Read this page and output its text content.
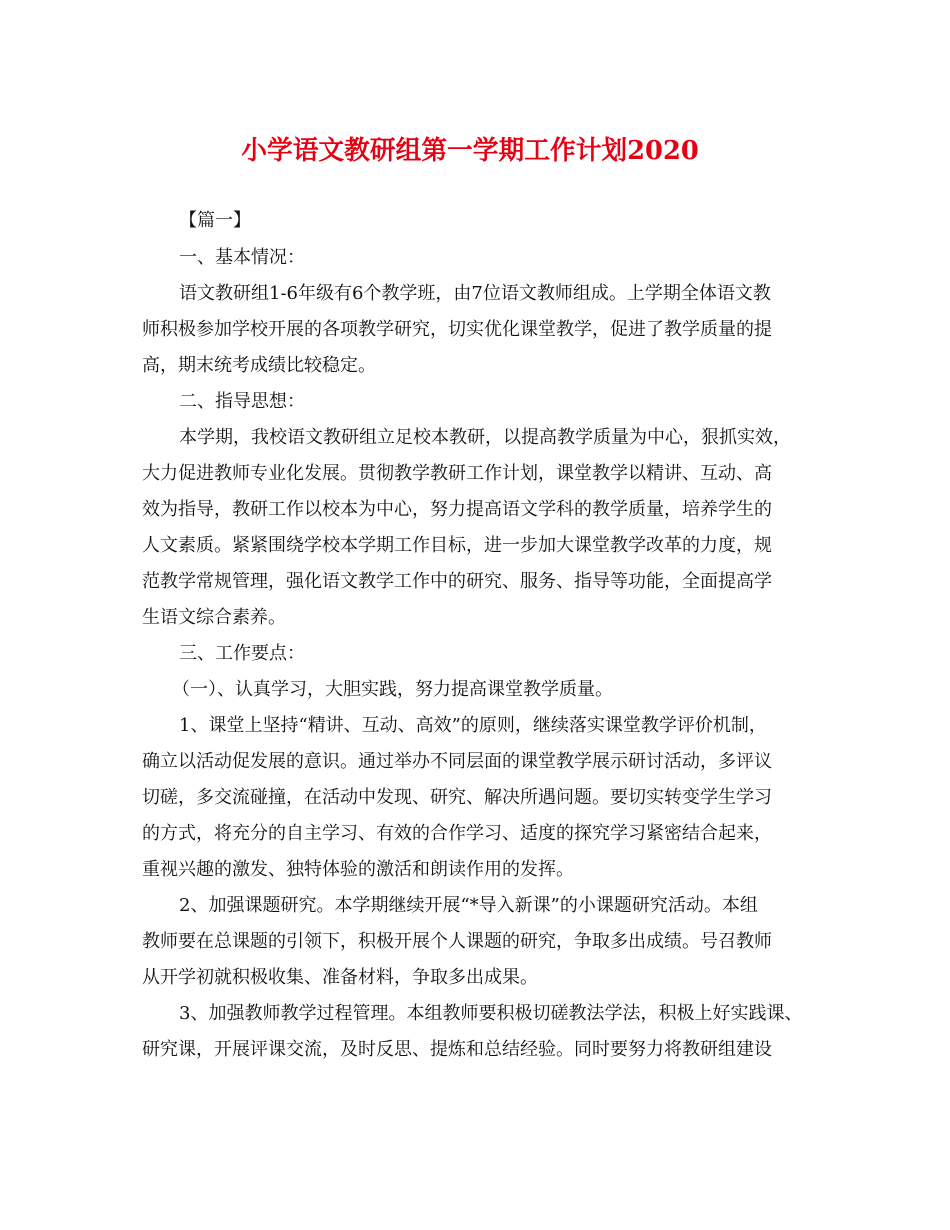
小学语文教研组第一学期工作计划2020
【篇一】
一、基本情况：
语文教研组1-6年级有6个教学班，由7位语文教师组成。上学期全体语文教
师积极参加学校开展的各项教学研究，切实优化课堂教学，促进了教学质量的提
高，期末统考成绩比较稳定。
二、指导思想：
本学期，我校语文教研组立足校本教研，以提高教学质量为中心，狠抓实效，
大力促进教师专业化发展。贯彻教学教研工作计划，课堂教学以精讲、互动、高
效为指导，教研工作以校本为中心，努力提高语文学科的教学质量，培养学生的
人文素质。紧紧围绕学校本学期工作目标，进一步加大课堂教学改革的力度，规
范教学常规管理，强化语文教学工作中的研究、服务、指导等功能，全面提高学
生语文综合素养。
三、工作要点：
（一）、认真学习，大胆实践，努力提高课堂教学质量。
1、课堂上坚持“精讲、互动、高效”的原则，继续落实课堂教学评价机制，
确立以活动促发展的意识。通过举办不同层面的课堂教学展示研讨活动，多评议
切磋，多交流碰撞，在活动中发现、研究、解决所遇问题。要切实转变学生学习
的方式，将充分的自主学习、有效的合作学习、适度的探究学习紧密结合起来，
重视兴趣的激发、独特体验的激活和朗读作用的发挥。
2、加强课题研究。本学期继续开展“*导入新课”的小课题研究活动。本组
教师要在总课题的引领下，积极开展个人课题的研究，争取多出成绩。号召教师
从开学初就积极收集、准备材料，争取多出成果。
3、加强教师教学过程管理。本组教师要积极切磋教法学法，积极上好实践课、
研究课，开展评课交流，及时反思、提炼和总结经验。同时要努力将教研组建设
